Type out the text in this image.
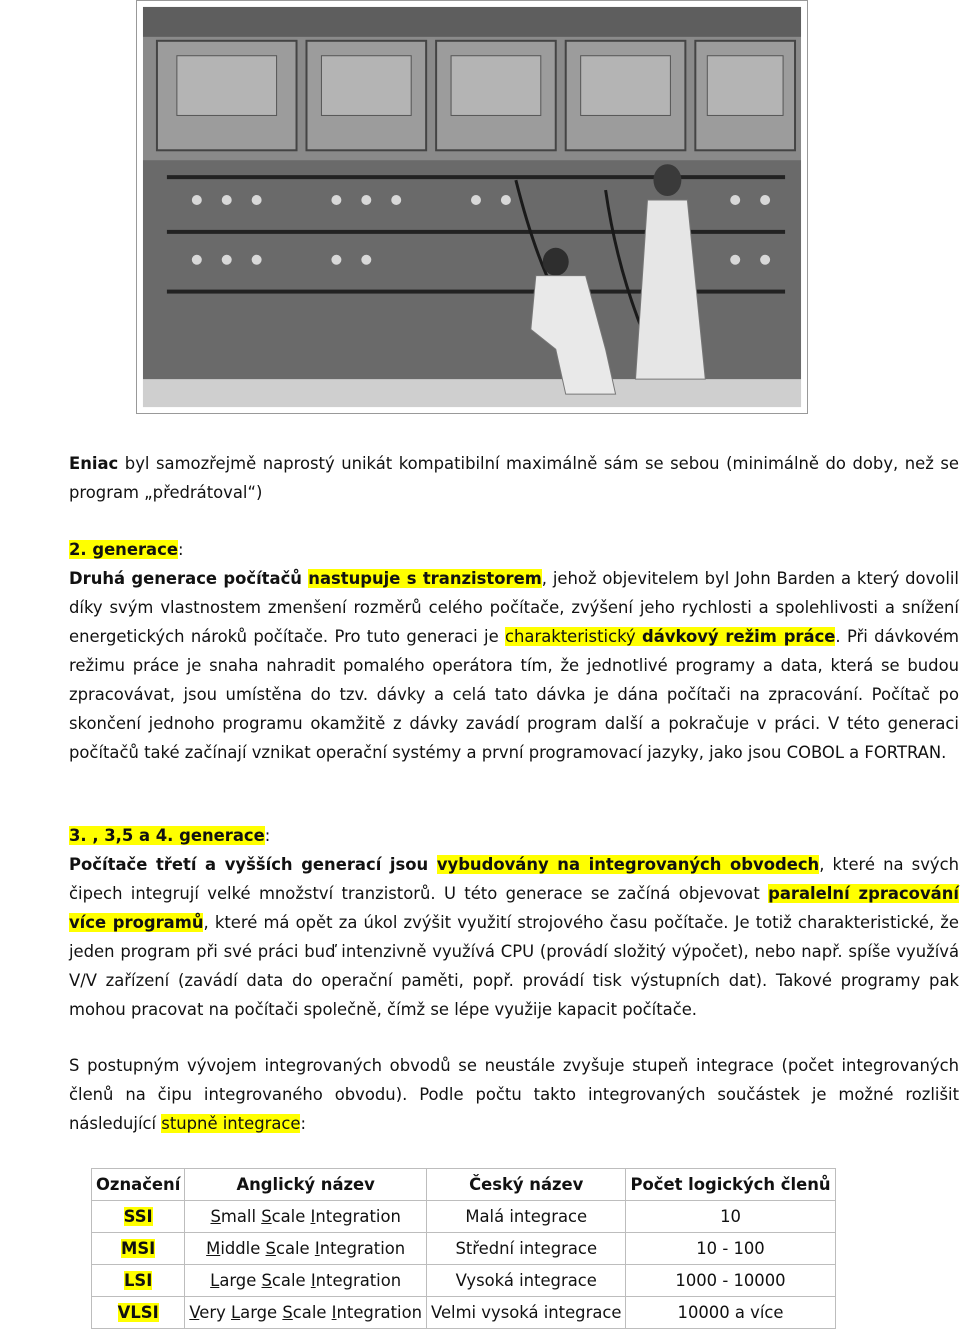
Eniac byl samozřejmě naprostý unikát kompatibilní maximálně sám se sebou (minimálně do doby, než se program „předrátoval“)

2. generace:

Druhá generace počítačů nastupuje s tranzistorem, jehož objevitelem byl John Barden a který dovolil díky svým vlastnostem zmenšení rozměrů celého počítače, zvýšení jeho rychlosti a spolehlivosti a snížení energetických nároků počítače. Pro tuto generaci je charakteristický dávkový režim práce. Při dávkovém režimu práce je snaha nahradit pomalého operátora tím, že jednotlivé programy a data, která se budou zpracovávat, jsou umístěna do tzv. dávky a celá tato dávka je dána počítači na zpracování. Počítač po skončení jednoho programu okamžitě z dávky zavádí program další a pokračuje v práci. V této generaci počítačů také začínají vznikat operační systémy a první programovací jazyky, jako jsou COBOL a FORTRAN.

3. , 3,5 a 4. generace:

Počítače třetí a vyšších generací jsou vybudovány na integrovaných obvodech, které na svých čipech integrují velké množství tranzistorů. U této generace se začíná objevovat paralelní zpracování více programů, které má opět za úkol zvýšit využití strojového času počítače. Je totiž charakteristické, že jeden program při své práci buď intenzivně využívá CPU (provádí složitý výpočet), nebo např. spíše využívá V/V zařízení (zavádí data do operační paměti, popř. provádí tisk výstupních dat). Takové programy pak mohou pracovat na počítači společně, čímž se lépe využije kapacit počítače.

S postupným vývojem integrovaných obvodů se neustále zvyšuje stupeň integrace (počet integrovaných členů na čipu integrovaného obvodu). Podle počtu takto integrovaných součástek je možné rozlišit následující stupně integrace:

Označení	Anglický název	Český název	Počet logických členů
SSI	Small Scale Integration	Malá integrace	10
MSI	Middle Scale Integration	Střední integrace	10 - 100
LSI	Large Scale Integration	Vysoká integrace	1000 - 10000
VLSI	Very Large Scale Integration	Velmi vysoká integrace	10000 a více
